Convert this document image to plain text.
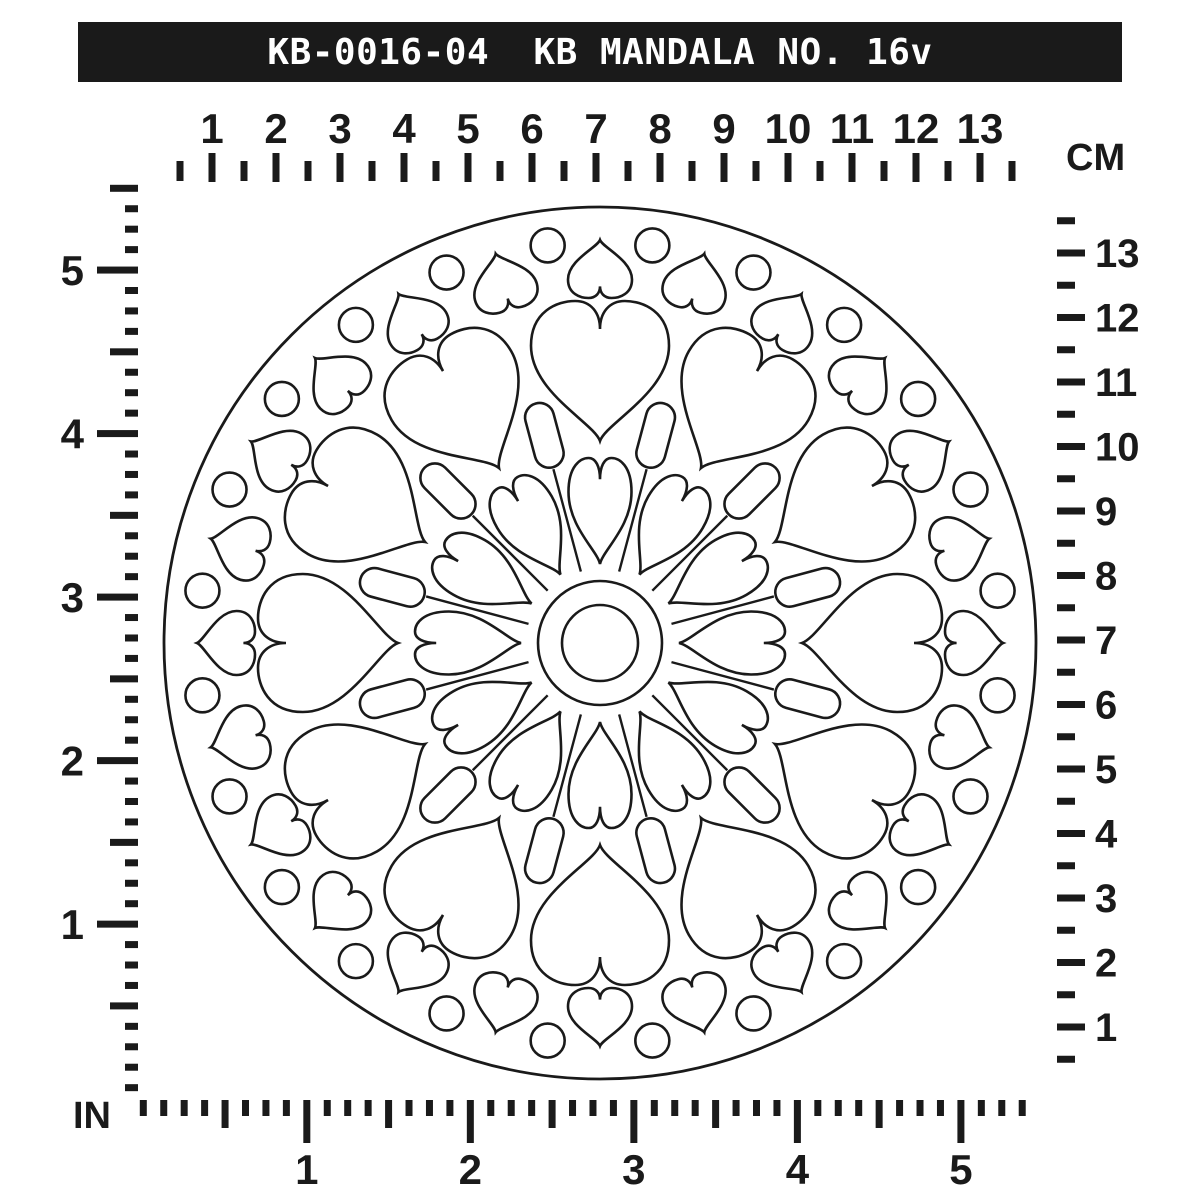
KB-0016-04  KB MANDALA NO. 16v
1 2 3 4 5 6 7 8 9 10 11 12 13
CM
13
12
11
10
9
8
7
6
5
4
3
2
1
5
4
3
2
1
1	2	3	4	5
IN
